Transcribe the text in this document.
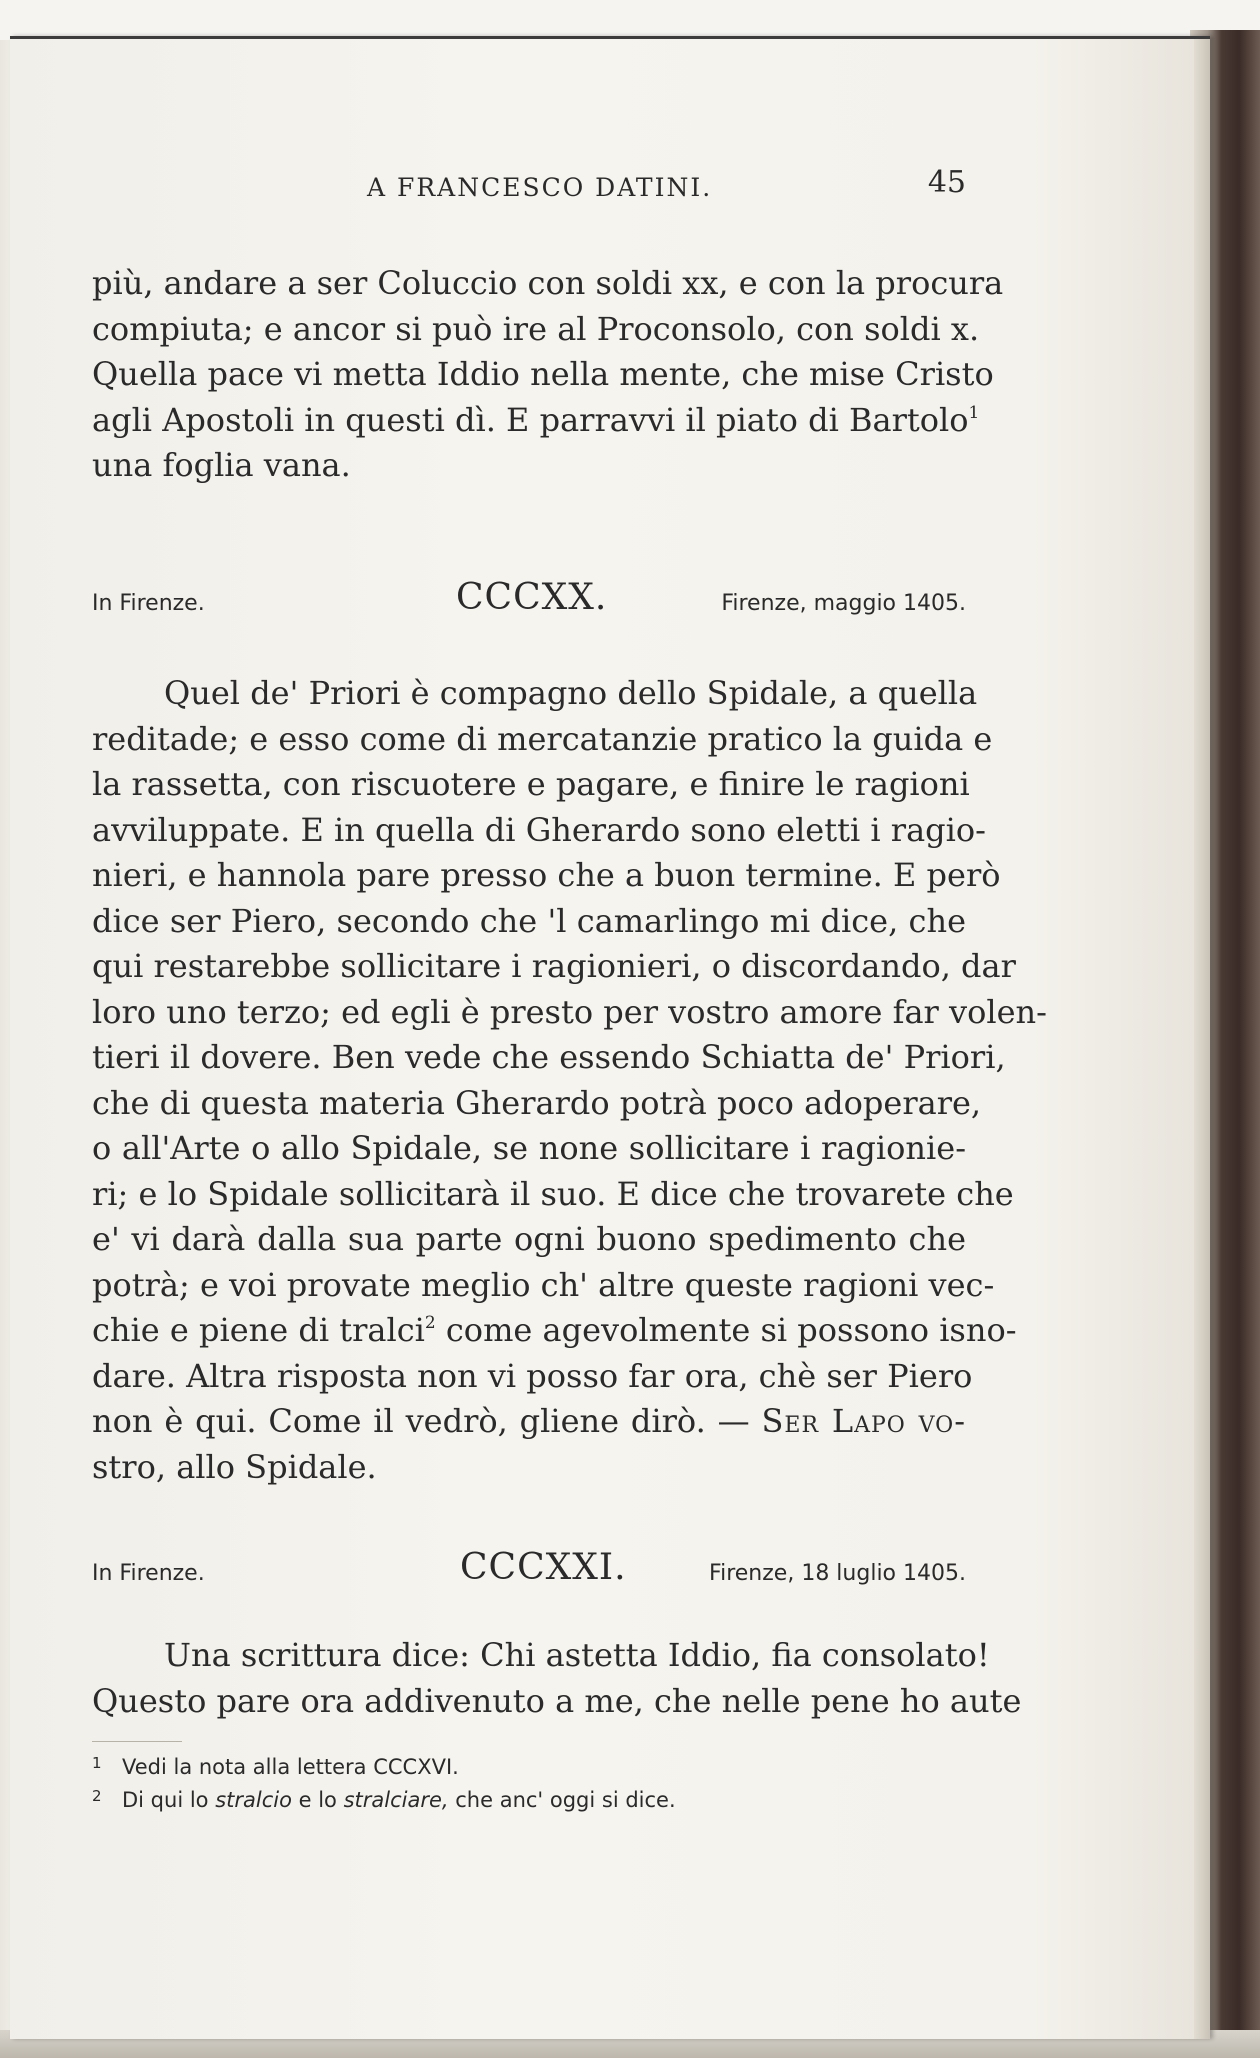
A FRANCESCO DATINI.	45

più, andare a ser Coluccio con soldi xx, e con la procura
compiuta; e ancor si può ire al Proconsolo, con soldi x.
Quella pace vi metta Iddio nella mente, che mise Cristo
agli Apostoli in questi dì. E parravvi il piato di Bartolo$^1$
una foglia vana.

In Firenze.	CCCXX.	Firenze, maggio 1405.

Quel de' Priori è compagno dello Spidale, a quella
reditade; e esso come di mercatanzie pratico la guida e
la rassetta, con riscuotere e pagare, e finire le ragioni
avviluppate. E in quella di Gherardo sono eletti i ragio-
nieri, e hannola pare presso che a buon termine. E però
dice ser Piero, secondo che 'l camarlingo mi dice, che
qui restarebbe sollicitare i ragionieri, o discordando, dar
loro uno terzo; ed egli è presto per vostro amore far volen-
tieri il dovere. Ben vede che essendo Schiatta de' Priori,
che di questa materia Gherardo potrà poco adoperare,
o all'Arte o allo Spidale, se none sollicitare i ragionie-
ri; e lo Spidale sollicitarà il suo. E dice che trovarete che
e' vi darà dalla sua parte ogni buono spedimento che
potrà; e voi provate meglio ch' altre queste ragioni vec-
chie e piene di tralci$^2$ come agevolmente si possono isno-
dare. Altra risposta non vi posso far ora, chè ser Piero
non è qui. Come il vedrò, gliene dirò. — Ser Lapo vo-
stro, allo Spidale.

In Firenze.	CCCXXI.	Firenze, 18 luglio 1405.

Una scrittura dice: Chi astetta Iddio, fia consolato!
Questo pare ora addivenuto a me, che nelle pene ho aute

1 Vedi la nota alla lettera CCCXVI.
2 Di qui lo stralcio e lo stralciare, che anc' oggi si dice.
